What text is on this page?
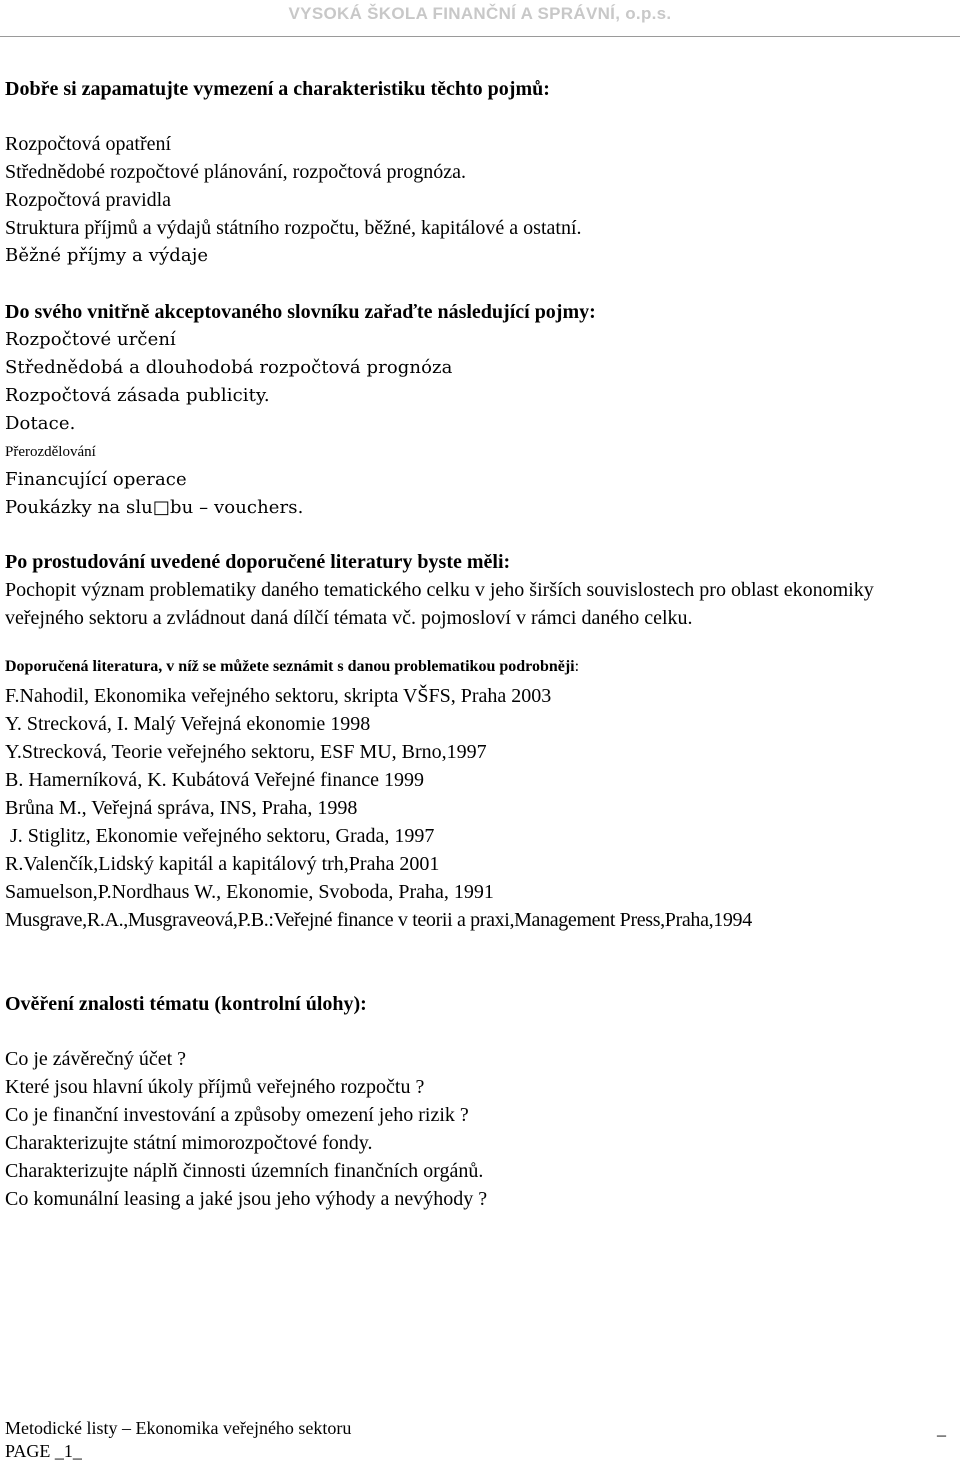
VYSOKÁ ŠKOLA FINANČNÍ A SPRÁVNÍ, o.p.s.
Dobře si zapamatujte vymezení a charakteristiku těchto pojmů:
Rozpočtová opatření
Střednědobé rozpočtové plánování, rozpočtová prognóza.
Rozpočtová pravidla
Struktura příjmů a výdajů státního rozpočtu, běžné, kapitálové a ostatní.
Běžné příjmy a výdaje
Do svého vnitřně akceptovaného slovníku zařaďte následující pojmy:
Rozpočtové určení
Střednědobá a dlouhodobá rozpočtová prognóza
Rozpočtová zásada publicity.
Dotace.
Přerozdělování
Financující operace
Poukázky na slu□bu – vouchers.
Po prostudování uvedené doporučené literatury byste měli:
Pochopit význam problematiky daného tematického celku v jeho širších souvislostech pro oblast ekonomiky veřejného sektoru a zvládnout daná dílčí témata vč. pojmosloví v rámci daného celku.
Doporučená literatura, v níž se můžete seznámit s danou problematikou podrobněji:
F.Nahodil, Ekonomika veřejného sektoru, skripta VŠFS, Praha 2003
Y. Strecková, I. Malý Veřejná ekonomie 1998
Y.Strecková, Teorie veřejného sektoru, ESF MU, Brno,1997
B. Hamerníková, K. Kubátová Veřejné finance 1999
Brůna M., Veřejná správa, INS, Praha, 1998
J. Stiglitz, Ekonomie veřejného sektoru, Grada, 1997
R.Valenčík,Lidský kapitál a kapitálový trh,Praha 2001
Samuelson,P.Nordhaus W., Ekonomie, Svoboda, Praha, 1991
Musgrave,R.A.,Musgraveová,P.B.:Veřejné finance v teorii a praxi,Management Press,Praha,1994
Ověření znalosti tématu (kontrolní úlohy):
Co je závěrečný účet ?
Které jsou hlavní úkoly příjmů veřejného rozpočtu ?
Co je finanční investování a způsoby omezení jeho rizik ?
Charakterizujte státní mimorozpočtové fondy.
Charakterizujte náplň činnosti územních finančních orgánů.
Co komunální leasing a jaké jsou jeho výhody a nevýhody ?
Metodické listy – Ekonomika veřejného sektoru
PAGE _1_
_
